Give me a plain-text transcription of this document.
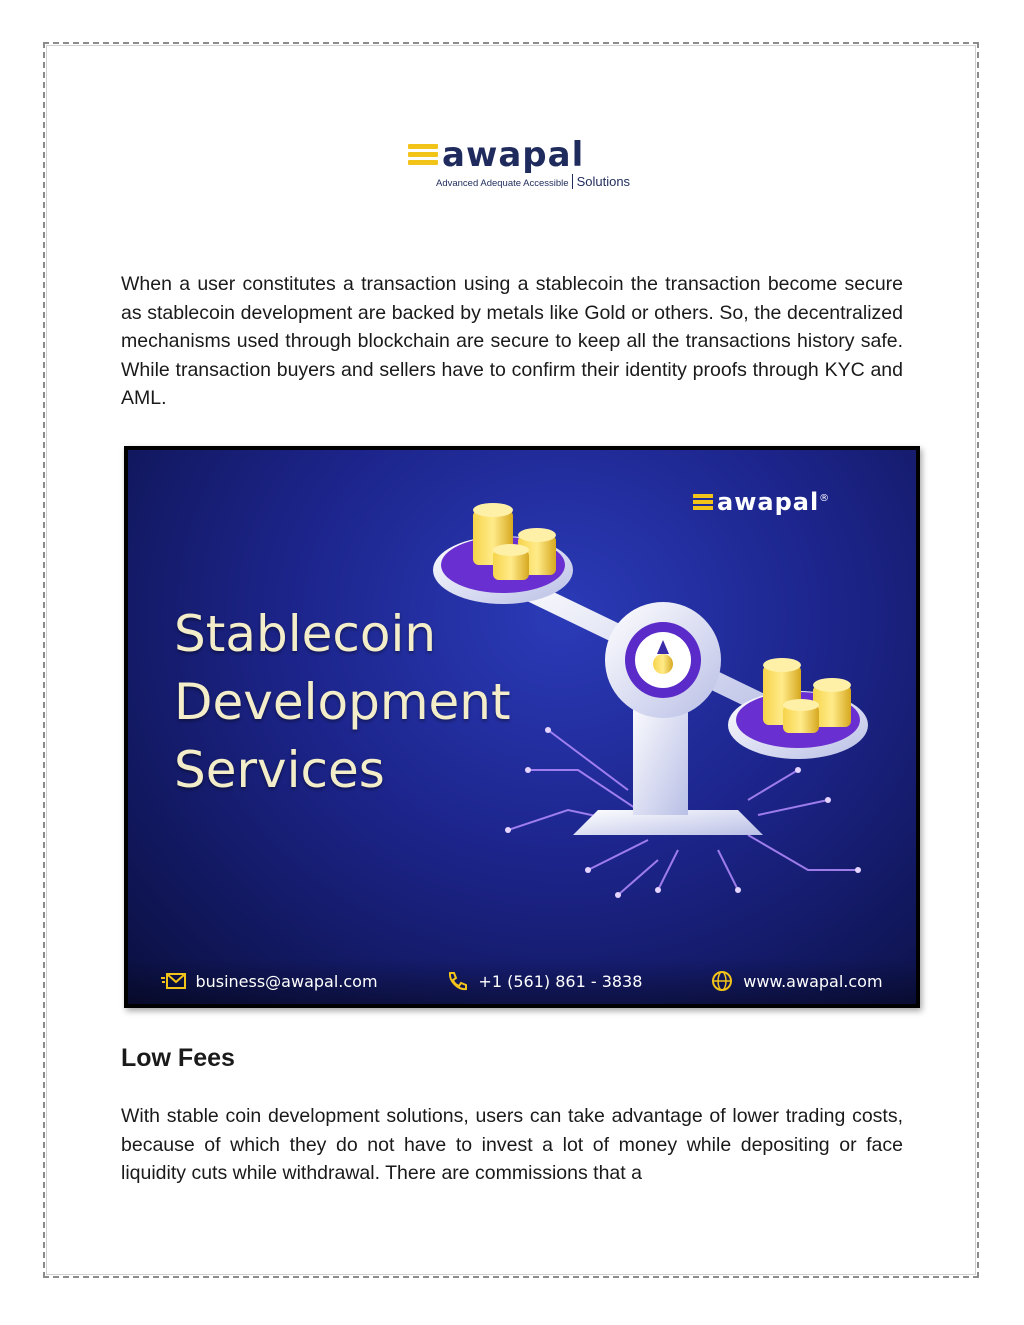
awapal
Advanced Adequate Accessible Solutions

When a user constitutes a transaction using a stablecoin the transaction become secure as stablecoin development are backed by metals like Gold or others. So, the decentralized mechanisms used through blockchain are secure to keep all the transactions history safe. While transaction buyers and sellers have to confirm their identity proofs through KYC and AML.

awapal®
Stablecoin
Development
Services
business@awapal.com	+1 (561) 861 - 3838	www.awapal.com
Low Fees

With stable coin development solutions, users can take advantage of lower trading costs, because of which they do not have to invest a lot of money while depositing or face liquidity cuts while withdrawal. There are commissions that a
